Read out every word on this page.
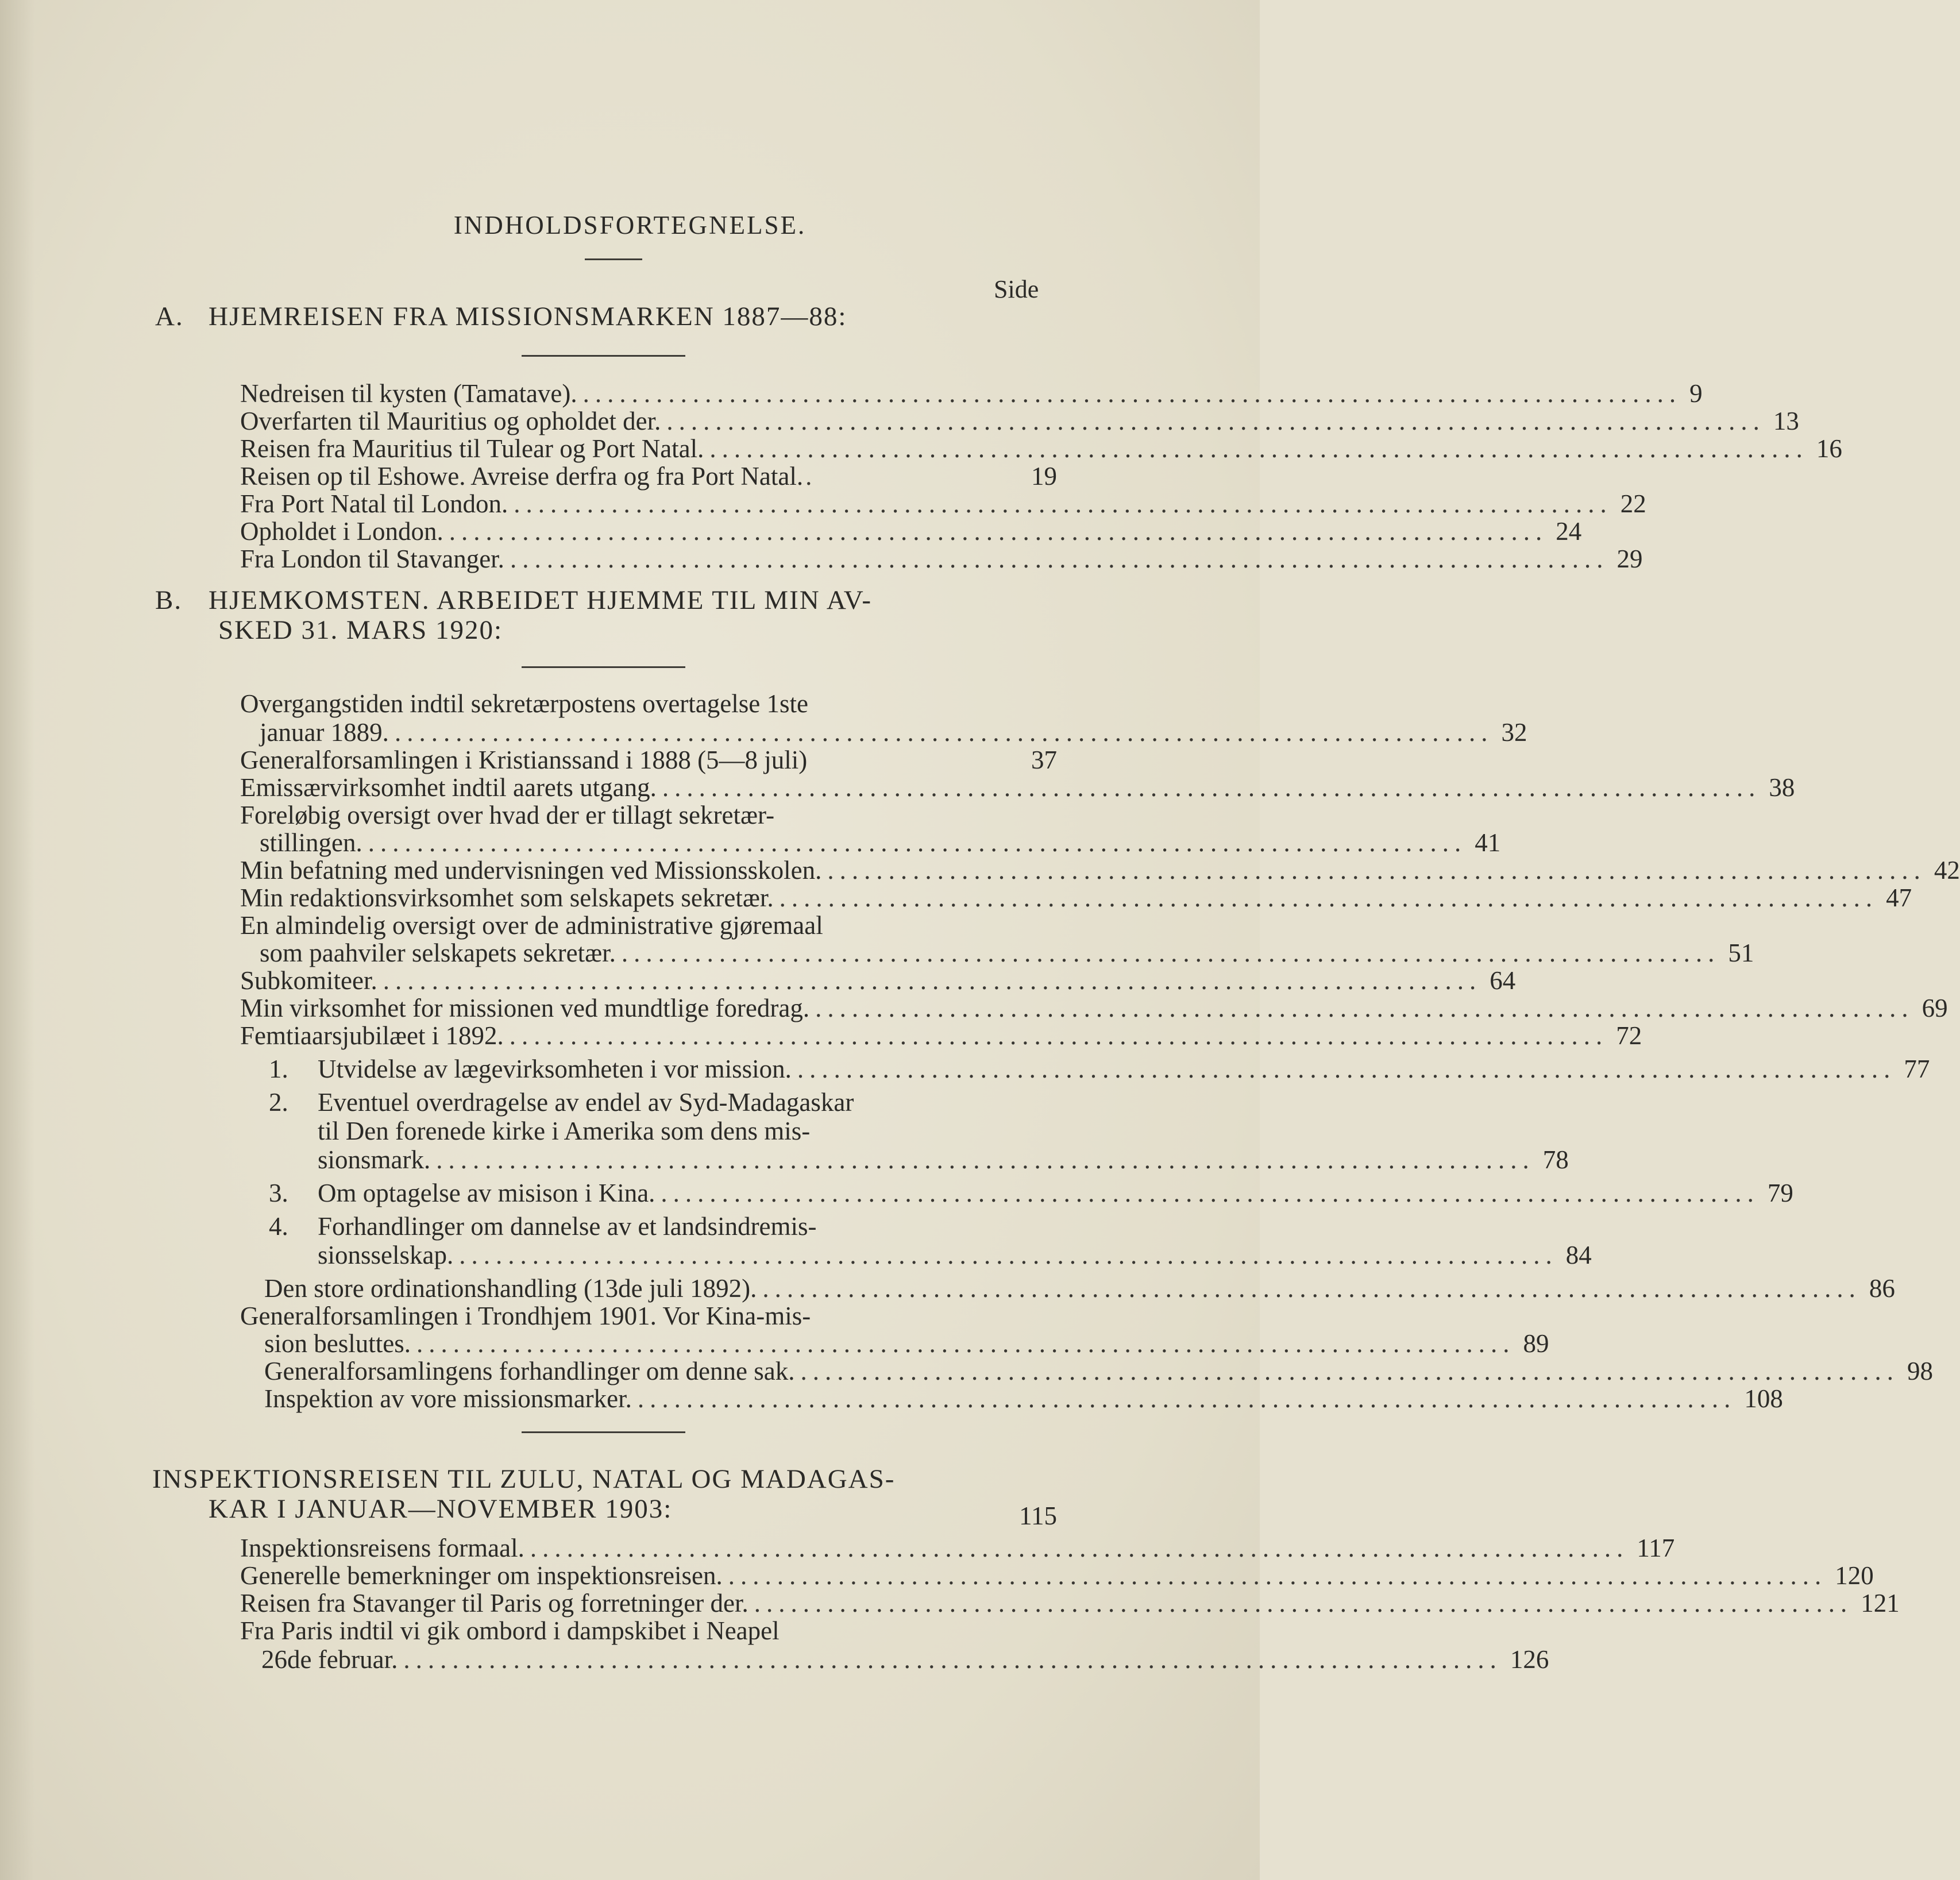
INDHOLDSFORTEGNELSE.
Side
A. HJEMREISEN FRA MISSIONSMARKEN 1887—88:
Nedreisen til kysten (Tamatave). .......................................................................................... 9
Overfarten til Mauritius og opholdet der. .......................................................................................... 13
Reisen fra Mauritius til Tulear og Port Natal. .......................................................................................... 16
Reisen op til Eshowe. Avreise derfra og fra Port Natal. .	19
Fra Port Natal til London. .......................................................................................... 22
Opholdet i London. .......................................................................................... 24
Fra London til Stavanger. .......................................................................................... 29
B. HJEMKOMSTEN. ARBEIDET HJEMME TIL MIN AV-
SKED 31. MARS 1920:
Overgangstiden indtil sekretærpostens overtagelse 1ste
januar 1889. .......................................................................................... 32
Generalforsamlingen i Kristianssand i 1888 (5—8 juli)	37
Emissærvirksomhet indtil aarets utgang. .......................................................................................... 38
Foreløbig oversigt over hvad der er tillagt sekretær-
stillingen. .......................................................................................... 41
Min befatning med undervisningen ved Missionsskolen. .......................................................................................... 42
Min redaktionsvirksomhet som selskapets sekretær. .......................................................................................... 47
En almindelig oversigt over de administrative gjøremaal
som paahviler selskapets sekretær. .......................................................................................... 51
Subkomiteer. .......................................................................................... 64
Min virksomhet for missionen ved mundtlige foredrag. .......................................................................................... 69
Femtiaarsjubilæet i 1892. .......................................................................................... 72
1. Utvidelse av lægevirksomheten i vor mission. .......................................................................................... 77
2. Eventuel overdragelse av endel av Syd-Madagaskar
til Den forenede kirke i Amerika som dens mis-
sionsmark. .......................................................................................... 78
3. Om optagelse av misison i Kina. .......................................................................................... 79
4. Forhandlinger om dannelse av et landsindremis-
sionsselskap. .......................................................................................... 84
Den store ordinationshandling (13de juli 1892). .......................................................................................... 86
Generalforsamlingen i Trondhjem 1901. Vor Kina-mis-
sion besluttes. .......................................................................................... 89
Generalforsamlingens forhandlinger om denne sak. .......................................................................................... 98
Inspektion av vore missionsmarker. .......................................................................................... 108
INSPEKTIONSREISEN TIL ZULU, NATAL OG MADAGAS-
KAR I JANUAR—NOVEMBER 1903:	115
Inspektionsreisens formaal. .......................................................................................... 117
Generelle bemerkninger om inspektionsreisen. .......................................................................................... 120
Reisen fra Stavanger til Paris og forretninger der. .......................................................................................... 121
Fra Paris indtil vi gik ombord i dampskibet i Neapel
26de februar. .......................................................................................... 126
